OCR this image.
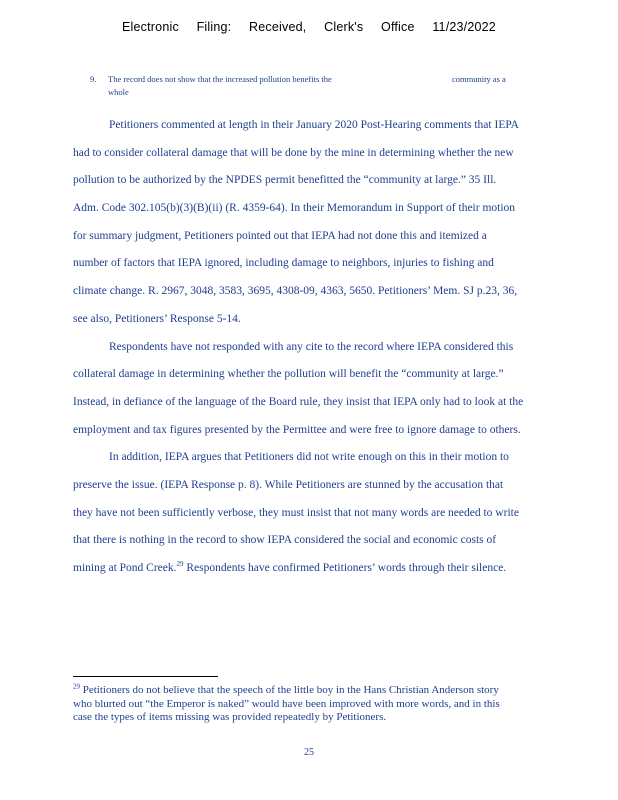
Electronic Filing: Received, Clerk's Office 11/23/2022
9. The record does not show that the increased pollution benefits the	community as a
whole
Petitioners commented at length in their January 2020 Post-Hearing comments that IEPA
had to consider collateral damage that will be done by the mine in determining whether the new
pollution to be authorized by the NPDES permit benefitted the “community at large.” 35 Ill.
Adm. Code 302.105(b)(3)(B)(ii) (R. 4359-64). In their Memorandum in Support of their motion
for summary judgment, Petitioners pointed out that IEPA had not done this and itemized a
number of factors that IEPA ignored, including damage to neighbors, injuries to fishing and
climate change. R. 2967, 3048, 3583, 3695, 4308-09, 4363, 5650. Petitioners’ Mem. SJ p.23, 36,
see also, Petitioners’ Response 5-14.
Respondents have not responded with any cite to the record where IEPA considered this
collateral damage in determining whether the pollution will benefit the “community at large.”
Instead, in defiance of the language of the Board rule, they insist that IEPA only had to look at the
employment and tax figures presented by the Permittee and were free to ignore damage to others.
In addition, IEPA argues that Petitioners did not write enough on this in their motion to
preserve the issue. (IEPA Response p. 8). While Petitioners are stunned by the accusation that
they have not been sufficiently verbose, they must insist that not many words are needed to write
that there is nothing in the record to show IEPA considered the social and economic costs of
mining at Pond Creek.$^{29}$ Respondents have confirmed Petitioners’ words through their silence.
$^{29}$ Petitioners do not believe that the speech of the little boy in the Hans Christian Anderson story
who blurted out “the Emperor is naked” would have been improved with more words, and in this
case the types of items missing was provided repeatedly by Petitioners.
25
